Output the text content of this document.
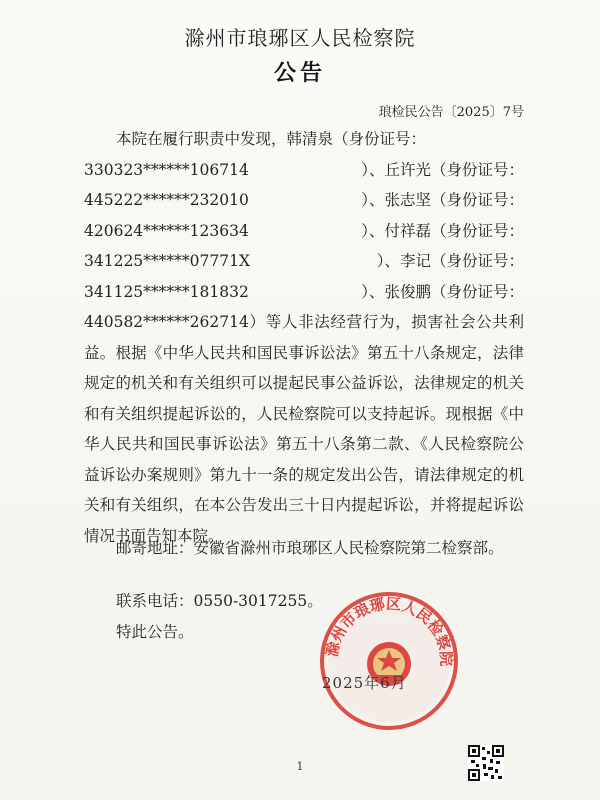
滁州市琅琊区人民检察院
公告
琅检民公告〔2025〕7号
本院在履行职责中发现，韩清泉（身份证号：
330323******106714	）、丘许光（身份证号：
445222******232010	）、张志坚（身份证号：
420624******123634	）、付祥磊（身份证号：
341225******07771X	）、李记（身份证号：
341125******181832	）、张俊鹏（身份证号：

440582******262714）等人非法经营行为，损害社会公共利益。根据《中华人民共和国民事诉讼法》第五十八条规定，法律规定的机关和有关组织可以提起民事公益诉讼，法律规定的机关和有关组织提起诉讼的，人民检察院可以支持起诉。现根据《中华人民共和国民事诉讼法》第五十八条第二款、《人民检察院公益诉讼办案规则》第九十一条的规定发出公告，请法律规定的机关和有关组织，在本公告发出三十日内提起诉讼，并将提起诉讼情况书面告知本院。

邮寄地址：安徽省滁州市琅琊区人民检察院第二检察部。
联系电话：0550-3017255。
特此公告。
滁州市琅琊区人民检察院
2025年6月
1
